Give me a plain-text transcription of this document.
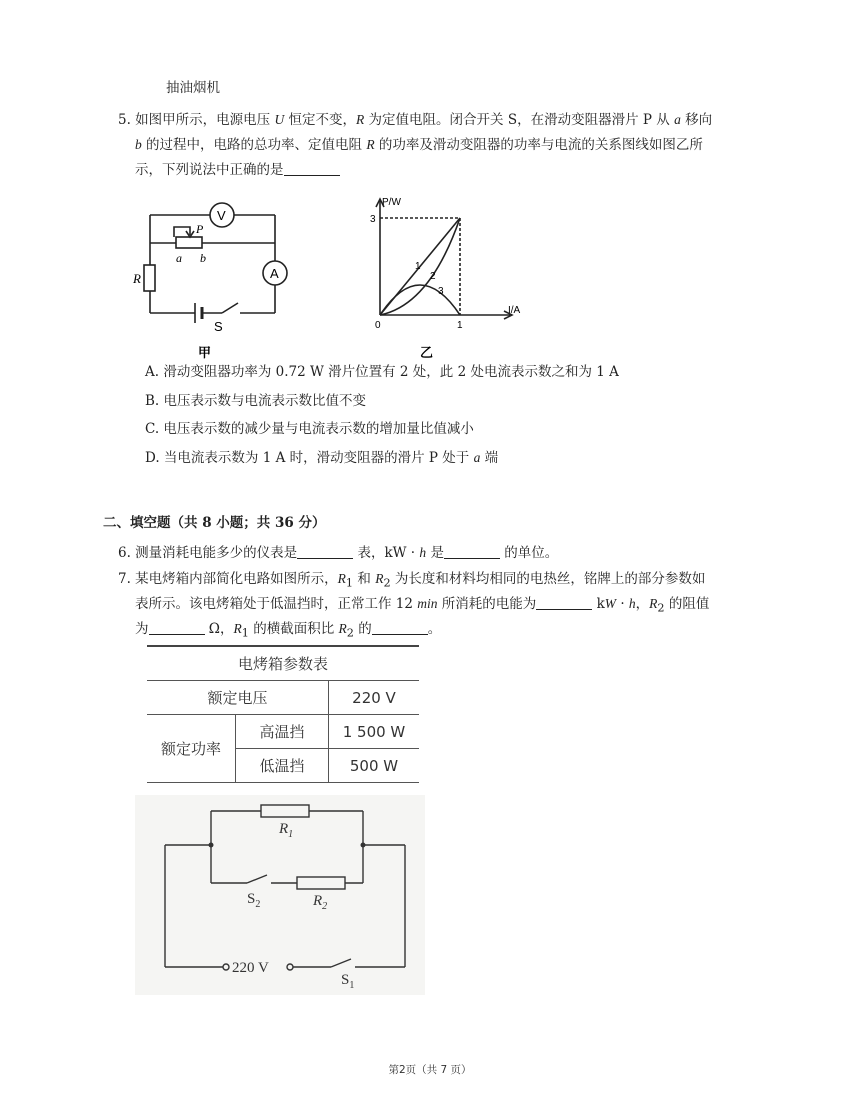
抽油烟机
5. 如图甲所示，电源电压 U 恒定不变，R 为定值电阻。闭合开关 S，在滑动变阻器滑片 P 从 a 移向
b 的过程中，电路的总功率、定值电阻 R 的功率及滑动变阻器的功率与电流的关系图线如图乙所
示，下列说法中正确的是
V
A
R
P
a b
S
甲
P/W
I/A
3
1
0
1
2
3
乙
A. 滑动变阻器功率为 0.72 W 滑片位置有 2 处，此 2 处电流表示数之和为 1 A
B. 电压表示数与电流表示数比值不变
C. 电压表示数的减少量与电流表示数的增加量比值减小
D. 当电流表示数为 1 A 时，滑动变阻器的滑片 P 处于 a 端
二、填空题（共 8 小题；共 36 分）
6. 测量消耗电能多少的仪表是	表，kW · h 是	的单位。
7. 某电烤箱内部简化电路如图所示，$R_1$ 和 $R_2$ 为长度和材料均相同的电热丝，铭牌上的部分参数如
表所示。该电烤箱处于低温挡时，正常工作 12 min 所消耗的电能为	kW · h，$R_2$ 的阻值
为	Ω，$R_1$ 的横截面积比 $R_2$ 的	。
电烤箱参数表		
额定电压		220 V
额定功率	高温挡	1 500 W
	低温挡	500 W
$R_1$
$R_2$
$S_2$
$S_1$
220 V
第2页（共 7 页）
